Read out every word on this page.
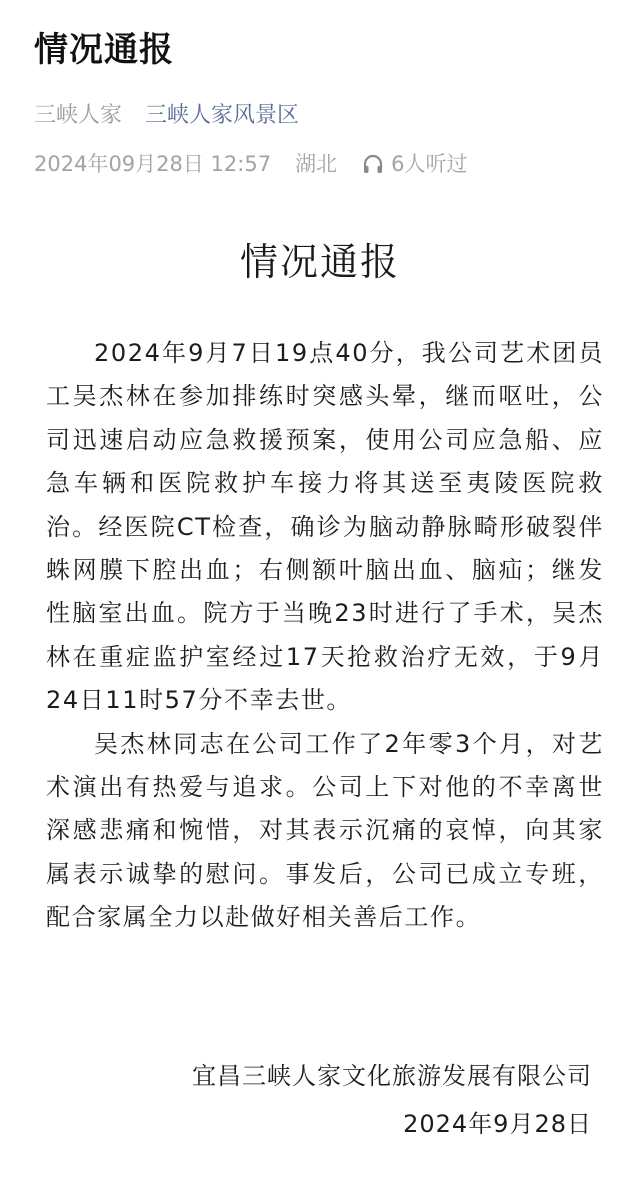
情况通报
三峡人家 三峡人家风景区
2024年09月28日 12:57 湖北	6人听过
情况通报

2024年9月7日19点40分，我公司艺术团员工吴杰林在参加排练时突感头晕，继而呕吐，公司迅速启动应急救援预案，使用公司应急船、应急车辆和医院救护车接力将其送至夷陵医院救治。经医院CT检查，确诊为脑动静脉畸形破裂伴蛛网膜下腔出血；右侧额叶脑出血、脑疝；继发性脑室出血。院方于当晚23时进行了手术，吴杰林在重症监护室经过17天抢救治疗无效，于9月24日11时57分不幸去世。

吴杰林同志在公司工作了2年零3个月，对艺术演出有热爱与追求。公司上下对他的不幸离世深感悲痛和惋惜，对其表示沉痛的哀悼，向其家属表示诚挚的慰问。事发后，公司已成立专班，配合家属全力以赴做好相关善后工作。

宜昌三峡人家文化旅游发展有限公司
2024年9月28日
